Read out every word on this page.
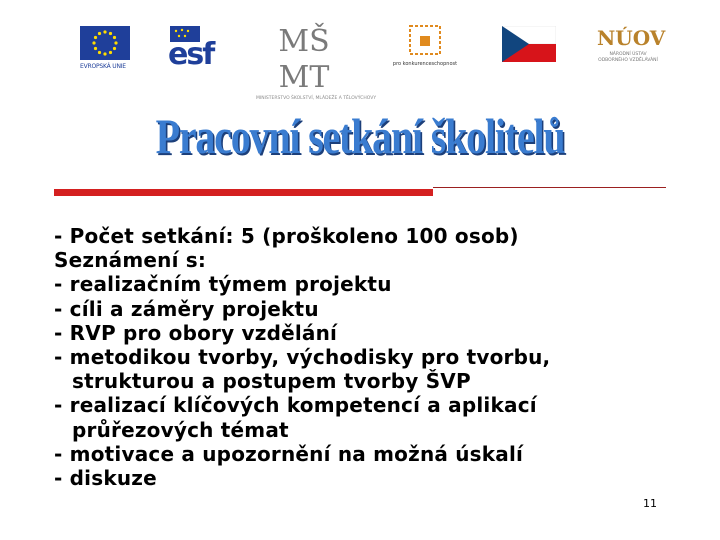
EVROPSKÁ UNIE esf	MŠ MT
MINISTERSTVO ŠKOLSTVÍ, MLÁDEŽE A TĚLOVÝCHOVY
pro konkurenceschopnost
NÚOV
NÁRODNÍ ÚSTAV ODBORNÉHO VZDĚLÁVÁNÍ
Pracovní setkání školitelů
- Počet setkání: 5 (proškoleno 100 osob)
Seznámení s:
- realizačním týmem projektu
- cíli a záměry projektu
- RVP pro obory vzdělání
- metodikou tvorby, východisky pro tvorbu,
strukturou a postupem tvorby ŠVP
- realizací klíčových kompetencí a aplikací
průřezových témat
- motivace a upozornění na možná úskalí
- diskuze
11
